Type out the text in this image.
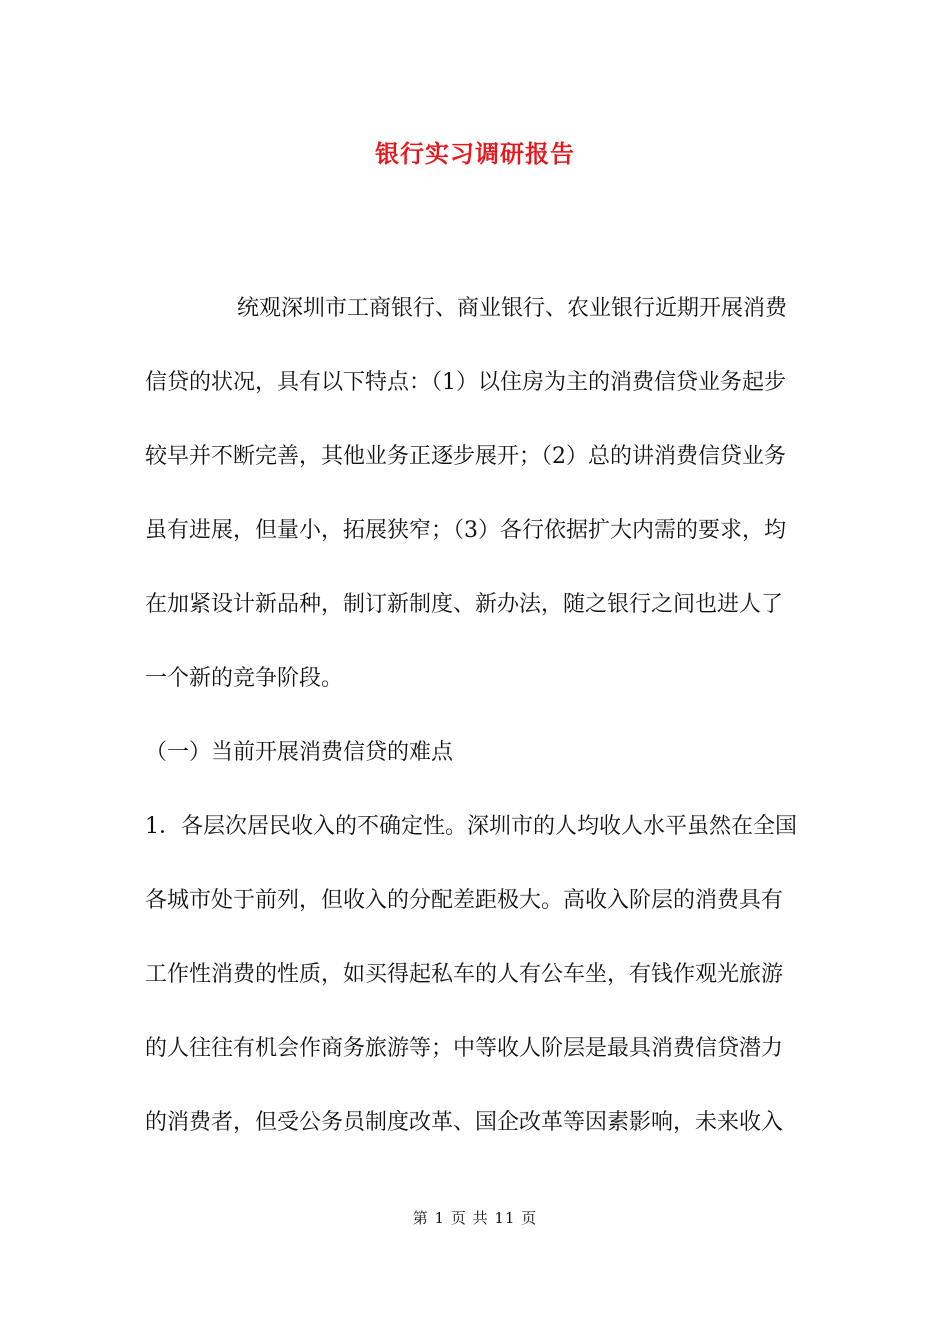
银行实习调研报告
统观深圳市工商银行、商业银行、农业银行近期开展消费
信贷的状况，具有以下特点：（1）以住房为主的消费信贷业务起步
较早并不断完善，其他业务正逐步展开；（2）总的讲消费信贷业务
虽有进展，但量小，拓展狭窄；（3）各行依据扩大内需的要求，均
在加紧设计新品种，制订新制度、新办法，随之银行之间也进人了
一个新的竞争阶段。
（一）当前开展消费信贷的难点
1．各层次居民收入的不确定性。深圳市的人均收人水平虽然在全国
各城市处于前列，但收入的分配差距极大。高收入阶层的消费具有
工作性消费的性质，如买得起私车的人有公车坐，有钱作观光旅游
的人往往有机会作商务旅游等；中等收人阶层是最具消费信贷潜力
的消费者，但受公务员制度改革、国企改革等因素影响，未来收入
第 1 页 共 11 页
